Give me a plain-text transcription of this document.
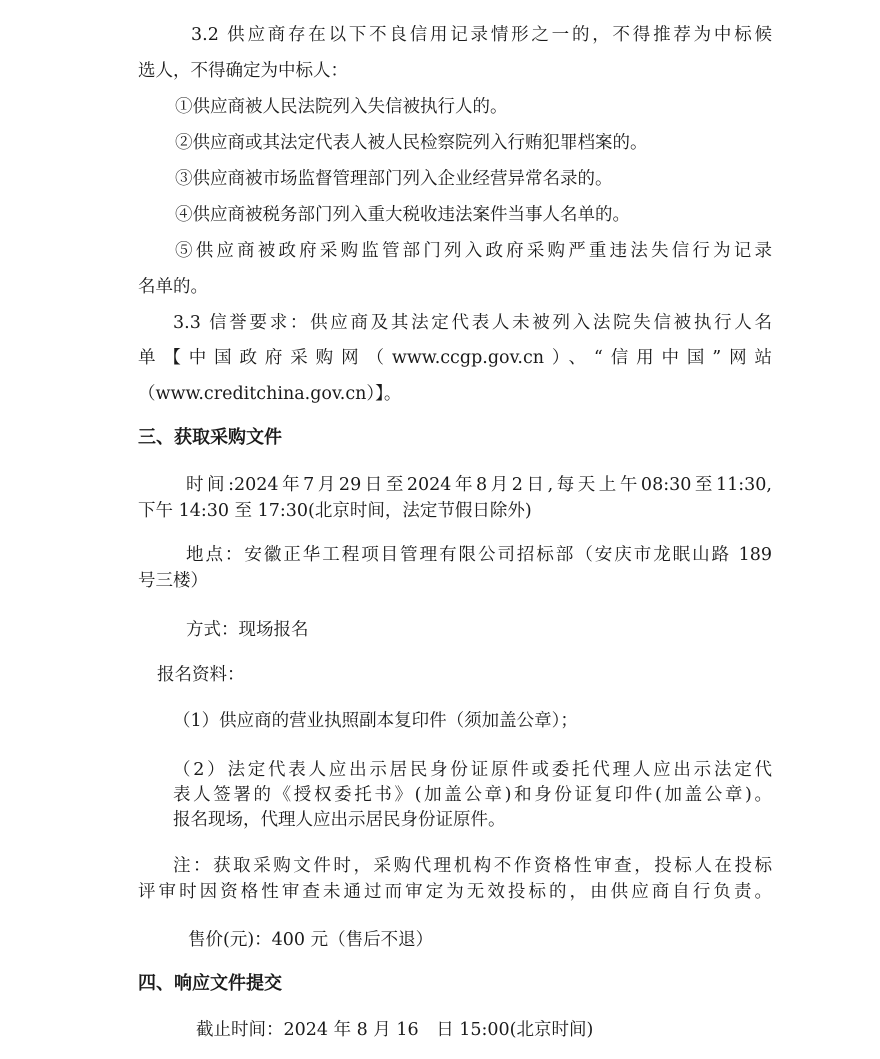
3.2 供应商存在以下不良信用记录情形之一的，不得推荐为中标候

选人，不得确定为中标人：

①供应商被人民法院列入失信被执行人的。

②供应商或其法定代表人被人民检察院列入行贿犯罪档案的。

③供应商被市场监督管理部门列入企业经营异常名录的。

④供应商被税务部门列入重大税收违法案件当事人名单的。

⑤供应商被政府采购监管部门列入政府采购严重违法失信行为记录

名单的。

3.3 信誉要求：供应商及其法定代表人未被列入法院失信被执行人名

单【中国政府采购网（www.ccgp.gov.cn）、“信用中国”网站

（www.creditchina.gov.cn）】。

三、获取采购文件

时间:2024年7月29日至2024年8月2日,每天上午08:30至11:30,

下午 14:30 至 17:30(北京时间，法定节假日除外)

地点：安徽正华工程项目管理有限公司招标部（安庆市龙眠山路 189

号三楼）

方式：现场报名

报名资料：

（1）供应商的营业执照副本复印件（须加盖公章）；

（2）法定代表人应出示居民身份证原件或委托代理人应出示法定代

表人签署的《授权委托书》(加盖公章)和身份证复印件(加盖公章)。

报名现场，代理人应出示居民身份证原件。

注：获取采购文件时，采购代理机构不作资格性审查，投标人在投标

评审时因资格性审查未通过而审定为无效投标的，由供应商自行负责。

售价(元)：400 元（售后不退）

四、响应文件提交

截止时间：2024 年 8 月 16　日 15:00(北京时间)
